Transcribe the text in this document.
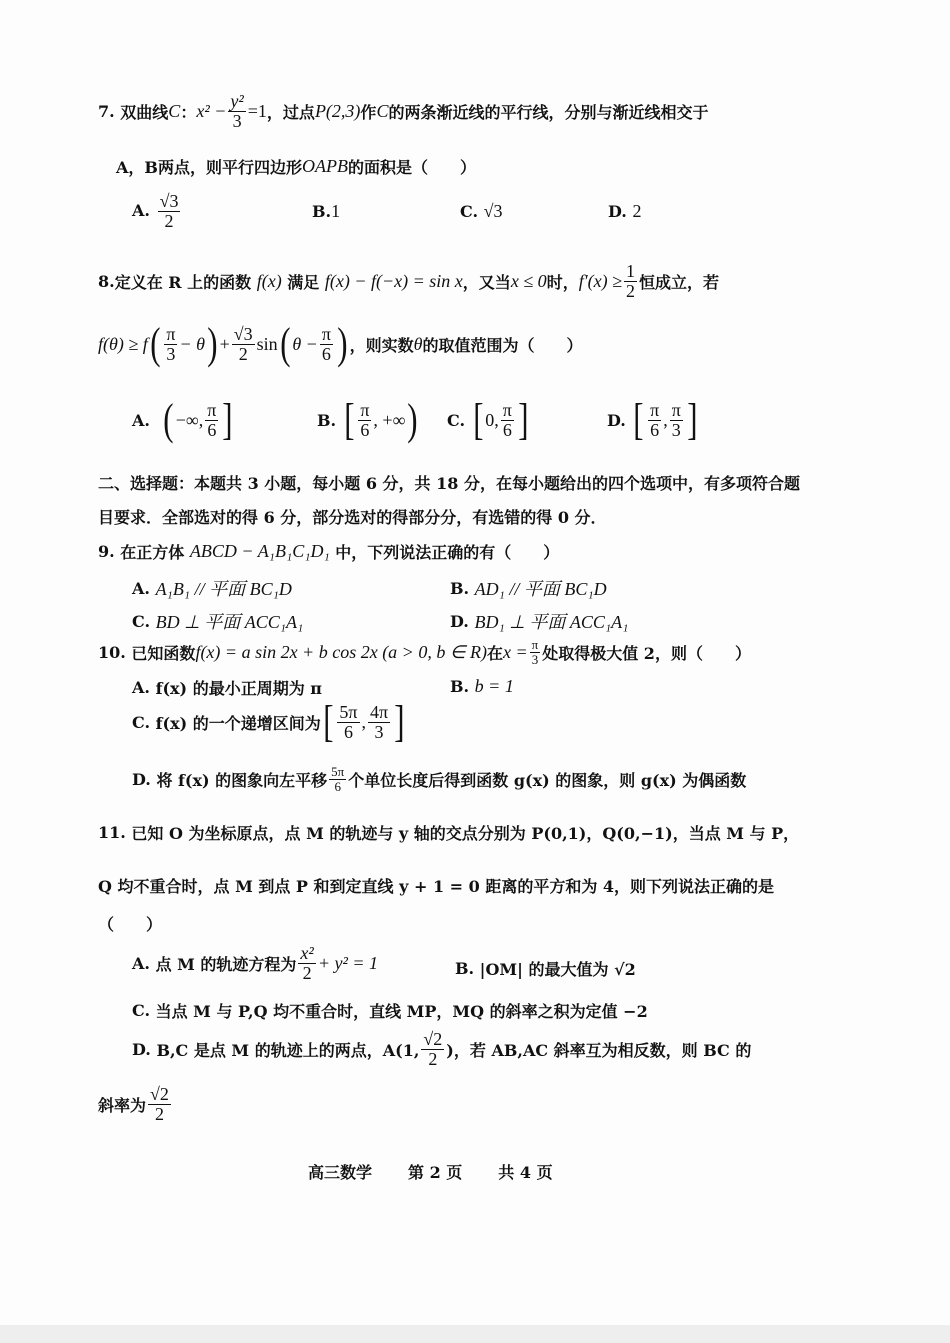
7.
双曲线 C ： $x^2 - \frac{\text{y²}}{3} =1$ ，过点 P(2,3) 作 C 的两条渐近线的平行线，分别与渐近线相交于
A，B两点，则平行四边形 OAPB 的面积是（　　）
A. $\frac{√3}{2}$	B.1	C. √3	D. 2
8. 定义在 R 上的函数
f(x)
满足
f(x) − f(−x) = sin x ，又当 x ≤ 0 时， $f'(x) \ge \frac{1}{2}$ 恒成立，若
f(θ) ≥ f ( $\frac{\pi}{3} - \theta$ ) + $\frac{√3}{2}$ sin ( $\theta - \frac{\pi}{6}$ ) ，则实数 θ 的取值范围为（　　）
A.
( −∞, $\frac{\pi}{6}$ ]	B.
[ $\frac{\pi}{6}$ , +∞ ) C.
[ 0, $\frac{\pi}{6}$ ]	D.
[ $\frac{\pi}{6}$ , $\frac{\pi}{3}$ ]
二、选择题：本题共 3 小题，每小题 6 分，共 18 分，在每小题给出的四个选项中，有多项符合题
目要求．全部选对的得 6 分，部分选对的得部分分，有选错的得 0 分．
9.
在正方体
ABCD − A₁B₁C₁D₁
中，下列说法正确的有（　　）
A.
A₁B₁ // 平面 BC₁D	B.
AD₁ // 平面 BC₁D
C.
BD ⊥ 平面 ACC₁A₁	D.
BD₁ ⊥ 平面 ACC₁A₁
10.
已知函数 f(x) = a sin 2x + b cos 2x (a > 0, b ∈ R) 在 $x = \frac{\pi}{3}$ 处取得极大值 2，则（　　）
A.
f(x) 的最小正周期为 π	B.
b = 1
C.
f(x) 的一个递增区间为 [ $\frac{5\pi}{6}$ , $\frac{4\pi}{3}$ ]
D.
将 f(x) 的图象向左平移 $\frac{5\pi}{6}$ 个单位长度后得到函数 g(x) 的图象，则 g(x) 为偶函数
11.
已知 O 为坐标原点，点 M 的轨迹与 y 轴的交点分别为 P(0,1)，Q(0,−1)，当点 M 与 P，
Q 均不重合时，点 M 到点 P 和到定直线 y + 1 = 0 距离的平方和为 4，则下列说法正确的是
（　　）
A.
点 M 的轨迹方程为 $\frac{\text{x²}}{2} + y^2 = 1$	B.
|OM| 的最大值为 √2
C.
当点 M 与 P,Q 均不重合时，直线 MP，MQ 的斜率之积为定值 −2
D.
B,C 是点 M 的轨迹上的两点，A(1, $\frac{√2}{2}$ )，若 AB,AC 斜率互为相反数，则 BC 的
斜率为 $\frac{√2}{2}$
高三数学 第 2 页 共 4 页
